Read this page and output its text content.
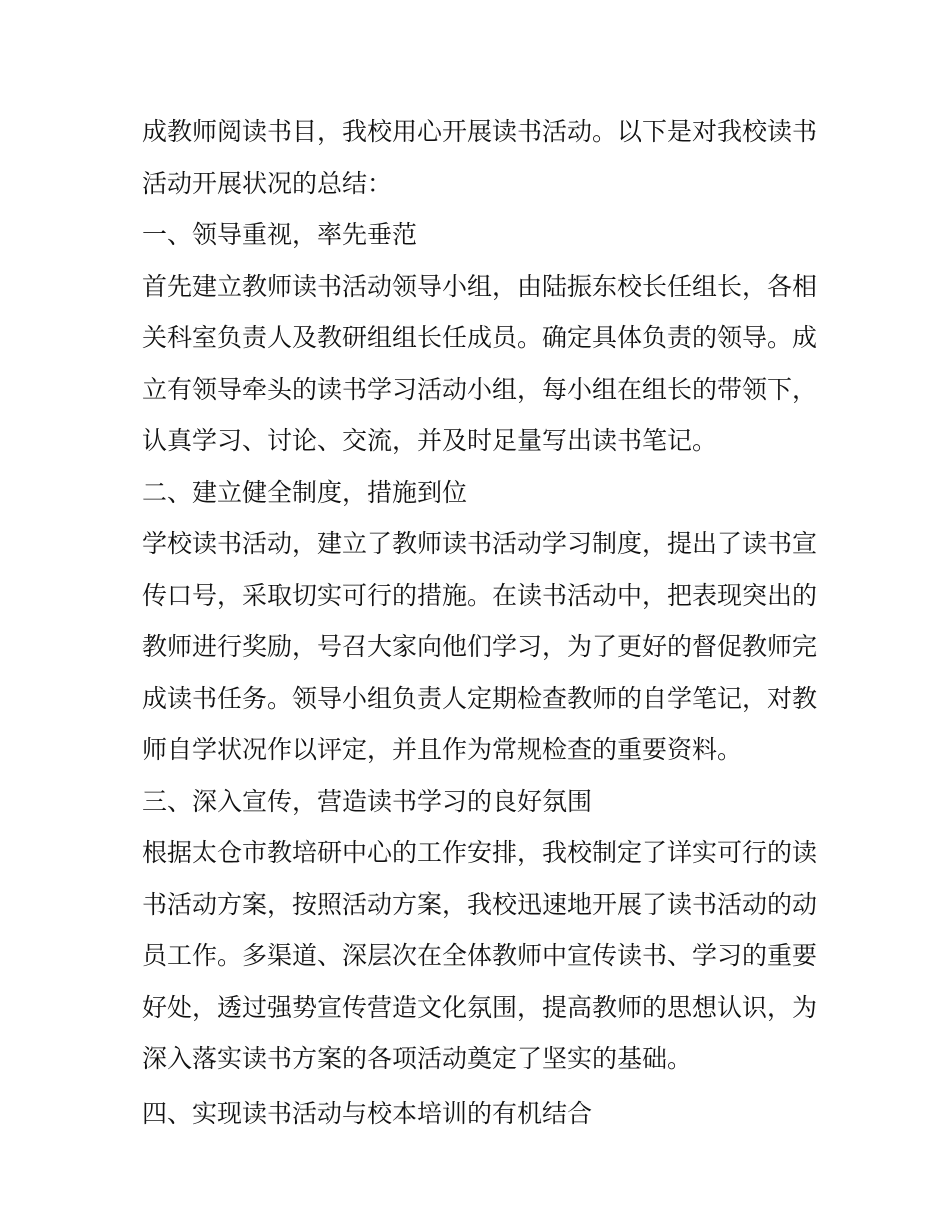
成教师阅读书目，我校用心开展读书活动。以下是对我校读书
活动开展状况的总结：
一、领导重视，率先垂范
首先建立教师读书活动领导小组，由陆振东校长任组长，各相
关科室负责人及教研组组长任成员。确定具体负责的领导。成
立有领导牵头的读书学习活动小组，每小组在组长的带领下，
认真学习、讨论、交流，并及时足量写出读书笔记。
二、建立健全制度，措施到位
学校读书活动，建立了教师读书活动学习制度，提出了读书宣
传口号，采取切实可行的措施。在读书活动中，把表现突出的
教师进行奖励，号召大家向他们学习，为了更好的督促教师完
成读书任务。领导小组负责人定期检查教师的自学笔记，对教
师自学状况作以评定，并且作为常规检查的重要资料。
三、深入宣传，营造读书学习的良好氛围
根据太仓市教培研中心的工作安排，我校制定了详实可行的读
书活动方案，按照活动方案，我校迅速地开展了读书活动的动
员工作。多渠道、深层次在全体教师中宣传读书、学习的重要
好处，透过强势宣传营造文化氛围，提高教师的思想认识，为
深入落实读书方案的各项活动奠定了坚实的基础。
四、实现读书活动与校本培训的有机结合
